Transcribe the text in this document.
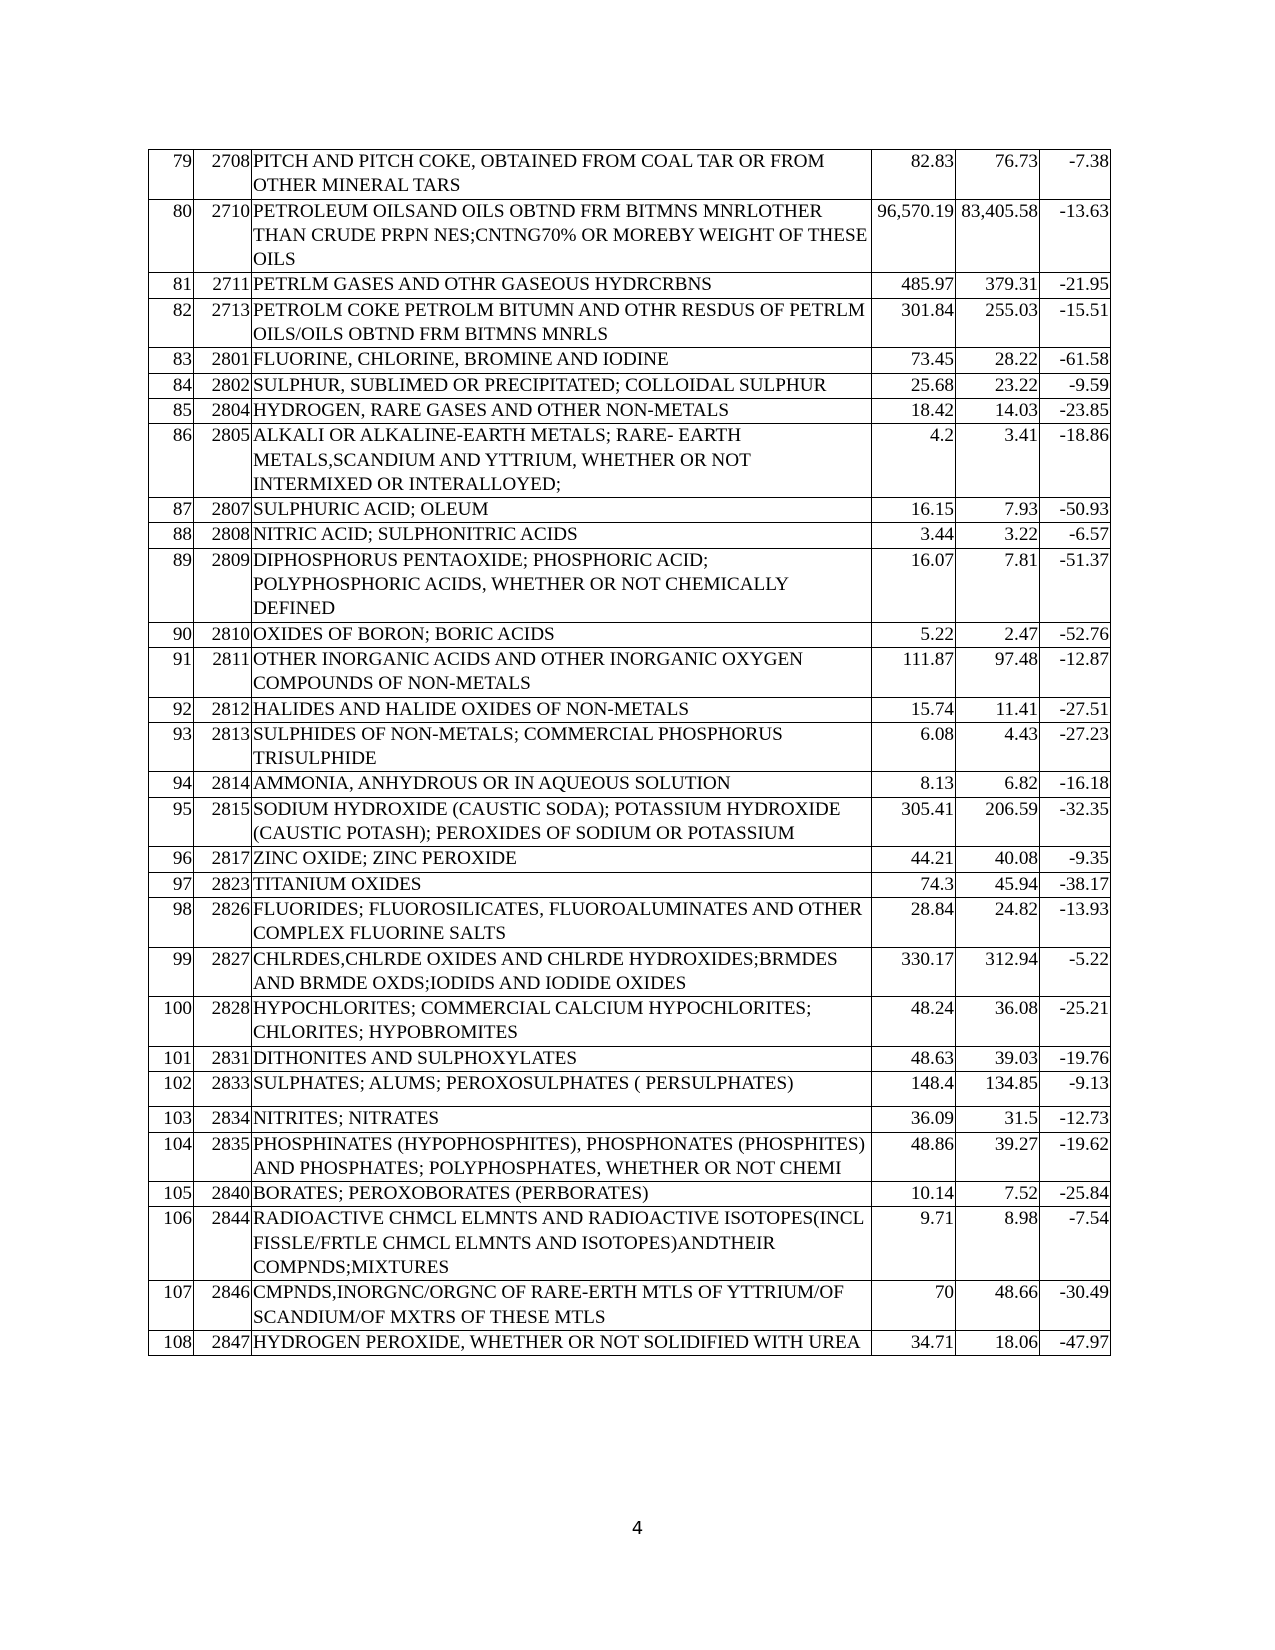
79	2708	PITCH AND PITCH COKE, OBTAINED FROM COAL TAR OR FROM OTHER MINERAL TARS	82.83	76.73	-7.38
80	2710	PETROLEUM OILSAND OILS OBTND FRM BITMNS MNRLOTHER THAN CRUDE PRPN NES;CNTNG70% OR MOREBY WEIGHT OF THESE OILS	96,570.19	83,405.58	-13.63
81	2711	PETRLM GASES AND OTHR GASEOUS HYDRCRBNS	485.97	379.31	-21.95
82	2713	PETROLM COKE PETROLM BITUMN AND OTHR RESDUS OF PETRLM OILS/OILS OBTND FRM BITMNS MNRLS	301.84	255.03	-15.51
83	2801	FLUORINE, CHLORINE, BROMINE AND IODINE	73.45	28.22	-61.58
84	2802	SULPHUR, SUBLIMED OR PRECIPITATED; COLLOIDAL SULPHUR	25.68	23.22	-9.59
85	2804	HYDROGEN, RARE GASES AND OTHER NON-METALS	18.42	14.03	-23.85
86	2805	ALKALI OR ALKALINE-EARTH METALS; RARE- EARTH METALS,SCANDIUM AND YTTRIUM, WHETHER OR NOT INTERMIXED OR INTERALLOYED;	4.2	3.41	-18.86
87	2807	SULPHURIC ACID; OLEUM	16.15	7.93	-50.93
88	2808	NITRIC ACID; SULPHONITRIC ACIDS	3.44	3.22	-6.57
89	2809	DIPHOSPHORUS PENTAOXIDE; PHOSPHORIC ACID; POLYPHOSPHORIC ACIDS, WHETHER OR NOT CHEMICALLY DEFINED	16.07	7.81	-51.37
90	2810	OXIDES OF BORON; BORIC ACIDS	5.22	2.47	-52.76
91	2811	OTHER INORGANIC ACIDS AND OTHER INORGANIC OXYGEN COMPOUNDS OF NON-METALS	111.87	97.48	-12.87
92	2812	HALIDES AND HALIDE OXIDES OF NON-METALS	15.74	11.41	-27.51
93	2813	SULPHIDES OF NON-METALS; COMMERCIAL PHOSPHORUS TRISULPHIDE	6.08	4.43	-27.23
94	2814	AMMONIA, ANHYDROUS OR IN AQUEOUS SOLUTION	8.13	6.82	-16.18
95	2815	SODIUM HYDROXIDE (CAUSTIC SODA); POTASSIUM HYDROXIDE (CAUSTIC POTASH); PEROXIDES OF SODIUM OR POTASSIUM	305.41	206.59	-32.35
96	2817	ZINC OXIDE; ZINC PEROXIDE	44.21	40.08	-9.35
97	2823	TITANIUM OXIDES	74.3	45.94	-38.17
98	2826	FLUORIDES; FLUOROSILICATES, FLUOROALUMINATES AND OTHER COMPLEX FLUORINE SALTS	28.84	24.82	-13.93
99	2827	CHLRDES,CHLRDE OXIDES AND CHLRDE HYDROXIDES;BRMDES AND BRMDE OXDS;IODIDS AND IODIDE OXIDES	330.17	312.94	-5.22
100	2828	HYPOCHLORITES; COMMERCIAL CALCIUM HYPOCHLORITES; CHLORITES; HYPOBROMITES	48.24	36.08	-25.21
101	2831	DITHONITES AND SULPHOXYLATES	48.63	39.03	-19.76
102	2833	SULPHATES; ALUMS; PEROXOSULPHATES ( PERSULPHATES)	148.4	134.85	-9.13
103	2834	NITRITES; NITRATES	36.09	31.5	-12.73
104	2835	PHOSPHINATES (HYPOPHOSPHITES), PHOSPHONATES (PHOSPHITES) AND PHOSPHATES; POLYPHOSPHATES, WHETHER OR NOT CHEMI	48.86	39.27	-19.62
105	2840	BORATES; PEROXOBORATES (PERBORATES)	10.14	7.52	-25.84
106	2844	RADIOACTIVE CHMCL ELMNTS AND RADIOACTIVE ISOTOPES(INCL FISSLE/FRTLE CHMCL ELMNTS AND ISOTOPES)ANDTHEIR COMPNDS;MIXTURES	9.71	8.98	-7.54
107	2846	CMPNDS,INORGNC/ORGNC OF RARE-ERTH MTLS OF YTTRIUM/OF SCANDIUM/OF MXTRS OF THESE MTLS	70	48.66	-30.49
108	2847	HYDROGEN PEROXIDE, WHETHER OR NOT SOLIDIFIED WITH UREA	34.71	18.06	-47.97
4
